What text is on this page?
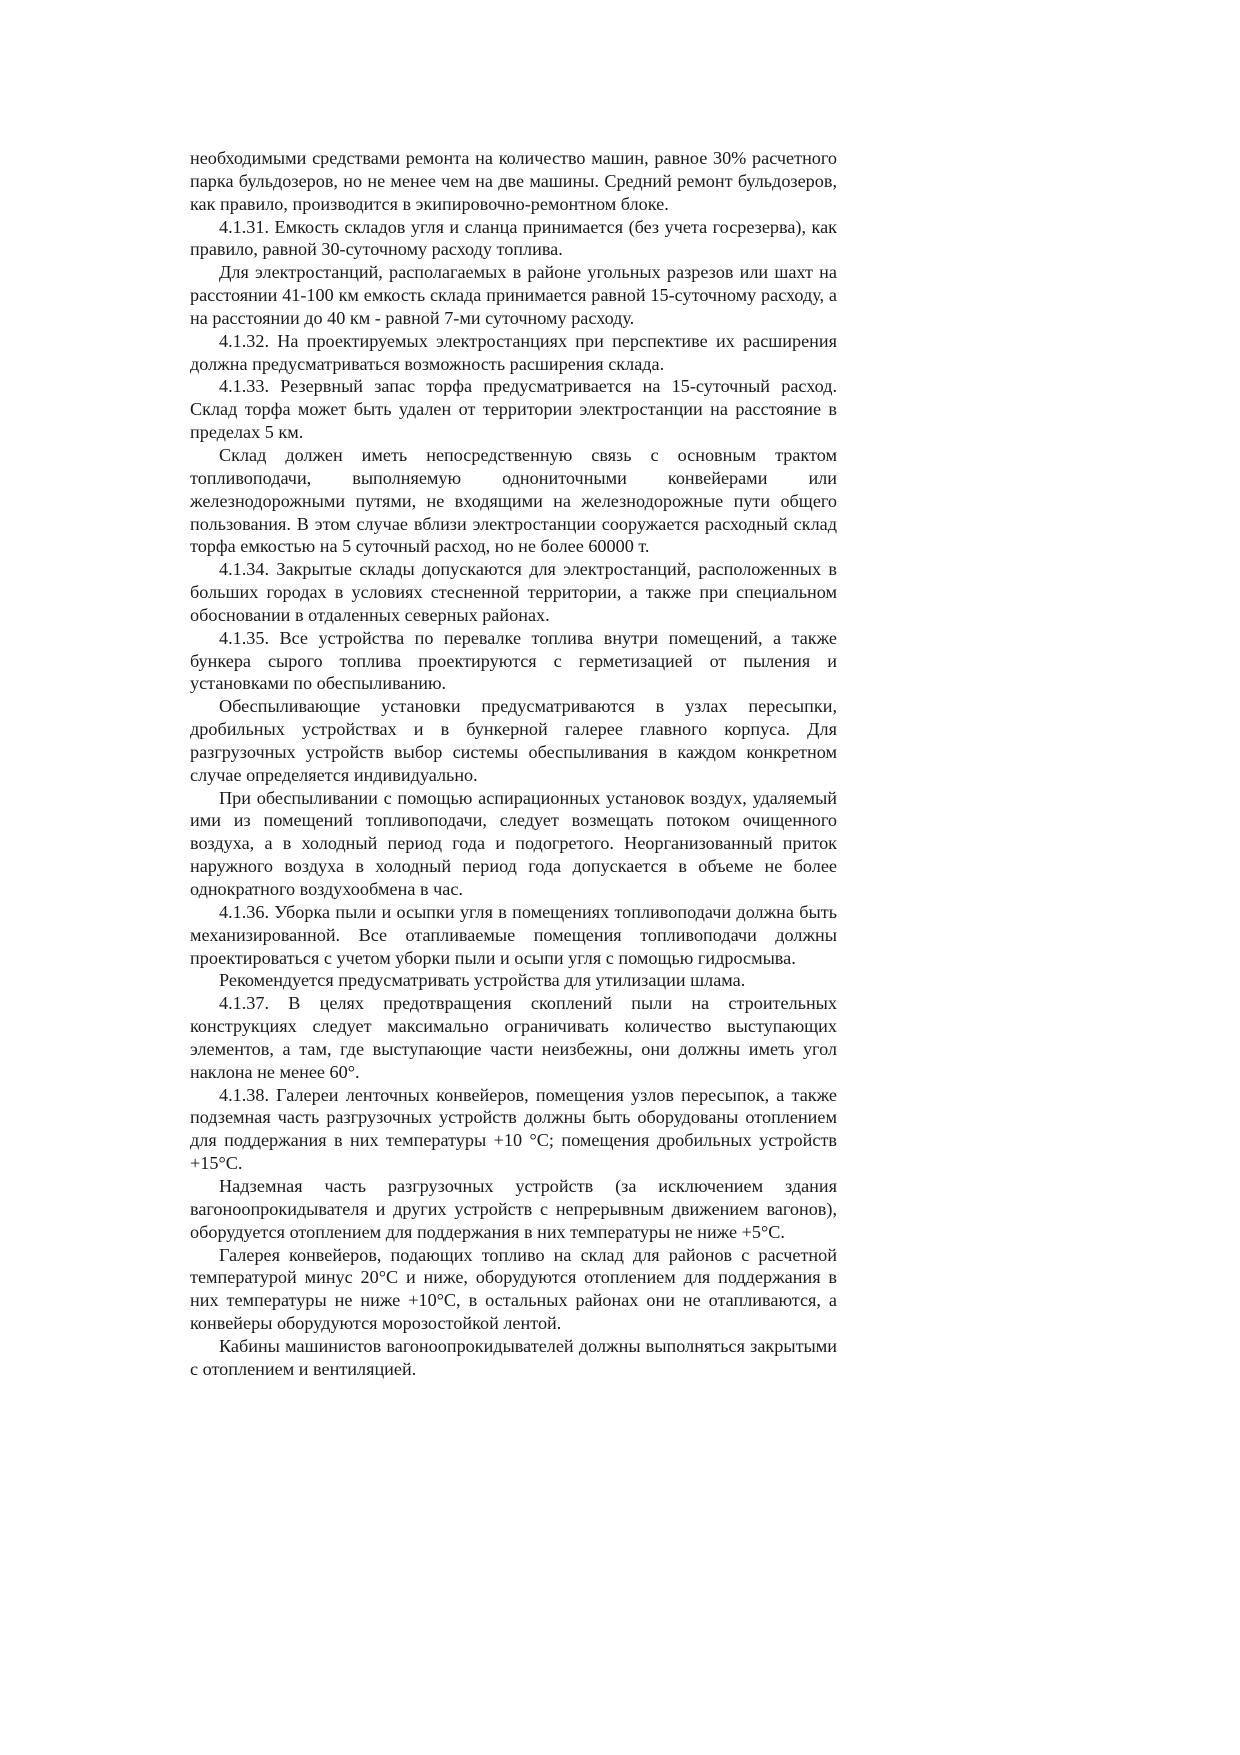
необходимыми средствами ремонта на количество машин, равное 30% расчетного парка бульдозеров, но не менее чем на две машины. Средний ремонт бульдозеров, как правило, производится в экипировочно-ремонтном блоке.

4.1.31. Емкость складов угля и сланца принимается (без учета госрезерва), как правило, равной 30-суточному расходу топлива.

Для электростанций, располагаемых в районе угольных разрезов или шахт на расстоянии 41-100 км емкость склада принимается равной 15-суточному расходу, а на расстоянии до 40 км - равной 7-ми суточному расходу.

4.1.32. На проектируемых электростанциях при перспективе их расширения должна предусматриваться возможность расширения склада.

4.1.33. Резервный запас торфа предусматривается на 15-суточный расход. Склад торфа может быть удален от территории электростанции на расстояние в пределах 5 км.

Склад должен иметь непосредственную связь с основным трактом топливоподачи, выполняемую однониточными конвейерами или железнодорожными путями, не входящими на железнодорожные пути общего пользования. В этом случае вблизи электростанции сооружается расходный склад торфа емкостью на 5 суточный расход, но не более 60000 т.

4.1.34. Закрытые склады допускаются для электростанций, расположенных в больших городах в условиях стесненной территории, а также при специальном обосновании в отдаленных северных районах.

4.1.35. Все устройства по перевалке топлива внутри помещений, а также бункера сырого топлива проектируются с герметизацией от пыления и установками по обеспыливанию.

Обеспыливающие установки предусматриваются в узлах пересыпки, дробильных устройствах и в бункерной галерее главного корпуса. Для разгрузочных устройств выбор системы обеспыливания в каждом конкретном случае определяется индивидуально.

При обеспыливании с помощью аспирационных установок воздух, удаляемый ими из помещений топливоподачи, следует возмещать потоком очищенного воздуха, а в холодный период года и подогретого. Неорганизованный приток наружного воздуха в холодный период года допускается в объеме не более однократного воздухообмена в час.

4.1.36. Уборка пыли и осыпки угля в помещениях топливоподачи должна быть механизированной. Все отапливаемые помещения топливоподачи должны проектироваться с учетом уборки пыли и осыпи угля с помощью гидросмыва.

Рекомендуется предусматривать устройства для утилизации шлама.

4.1.37. В целях предотвращения скоплений пыли на строительных конструкциях следует максимально ограничивать количество выступающих элементов, а там, где выступающие части неизбежны, они должны иметь угол наклона не менее 60°.

4.1.38. Галереи ленточных конвейеров, помещения узлов пересыпок, а также подземная часть разгрузочных устройств должны быть оборудованы отоплением для поддержания в них температуры +10 °С; помещения дробильных устройств +15°С.

Надземная часть разгрузочных устройств (за исключением здания вагоноопрокидывателя и других устройств с непрерывным движением вагонов), оборудуется отоплением для поддержания в них температуры не ниже +5°С.

Галерея конвейеров, подающих топливо на склад для районов с расчетной температурой минус 20°С и ниже, оборудуются отоплением для поддержания в них температуры не ниже +10°С, в остальных районах они не отапливаются, а конвейеры оборудуются морозостойкой лентой.

Кабины машинистов вагоноопрокидывателей должны выполняться закрытыми с отоплением и вентиляцией.
